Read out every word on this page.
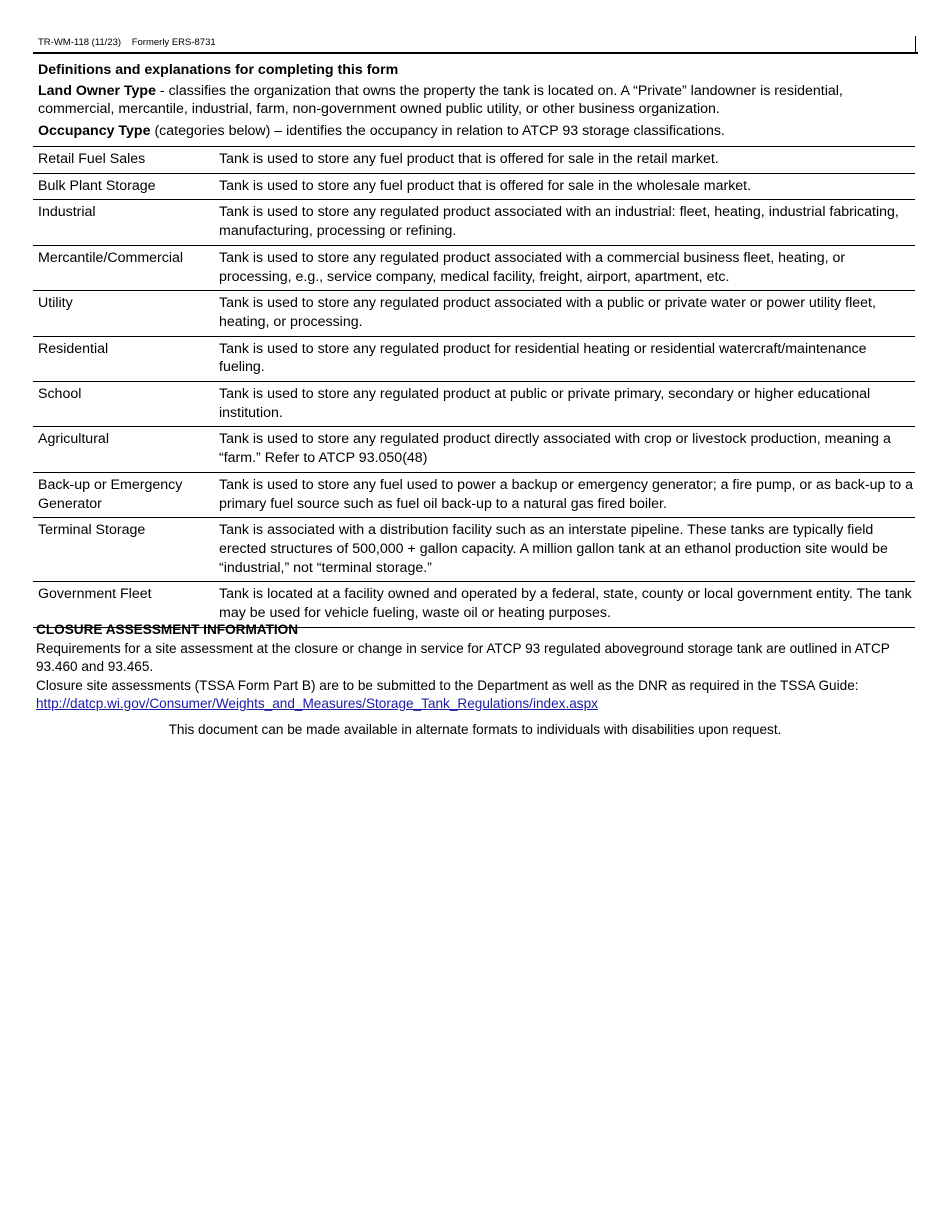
TR-WM-118 (11/23) Formerly ERS-8731

Definitions and explanations for completing this form

Land Owner Type - classifies the organization that owns the property the tank is located on. A “Private” landowner is residential, commercial, mercantile, industrial, farm, non-government owned public utility, or other business organization.

Occupancy Type (categories below) – identifies the occupancy in relation to ATCP 93 storage classifications.

Retail Fuel Sales	Tank is used to store any fuel product that is offered for sale in the retail market.
Bulk Plant Storage	Tank is used to store any fuel product that is offered for sale in the wholesale market.
Industrial	Tank is used to store any regulated product associated with an industrial: fleet, heating, industrial fabricating, manufacturing, processing or refining.
Mercantile/Commercial	Tank is used to store any regulated product associated with a commercial business fleet, heating, or processing, e.g., service company, medical facility, freight, airport, apartment, etc.
Utility	Tank is used to store any regulated product associated with a public or private water or power utility fleet, heating, or processing.
Residential	Tank is used to store any regulated product for residential heating or residential watercraft/maintenance fueling.
School	Tank is used to store any regulated product at public or private primary, secondary or higher educational institution.
Agricultural	Tank is used to store any regulated product directly associated with crop or livestock production, meaning a “farm.” Refer to ATCP 93.050(48)
Back-up or Emergency Generator	Tank is used to store any fuel used to power a backup or emergency generator; a fire pump, or as back-up to a primary fuel source such as fuel oil back-up to a natural gas fired boiler.
Terminal Storage	Tank is associated with a distribution facility such as an interstate pipeline. These tanks are typically field erected structures of 500,000 + gallon capacity. A million gallon tank at an ethanol production site would be “industrial,” not “terminal storage.”
Government Fleet	Tank is located at a facility owned and operated by a federal, state, county or local government entity. The tank may be used for vehicle fueling, waste oil or heating purposes.

CLOSURE ASSESSMENT INFORMATION

Requirements for a site assessment at the closure or change in service for ATCP 93 regulated aboveground storage tank are outlined in ATCP 93.460 and 93.465.

Closure site assessments (TSSA Form Part B) are to be submitted to the Department as well as the DNR as required in the TSSA Guide:

http://datcp.wi.gov/Consumer/Weights_and_Measures/Storage_Tank_Regulations/index.aspx

This document can be made available in alternate formats to individuals with disabilities upon request.
